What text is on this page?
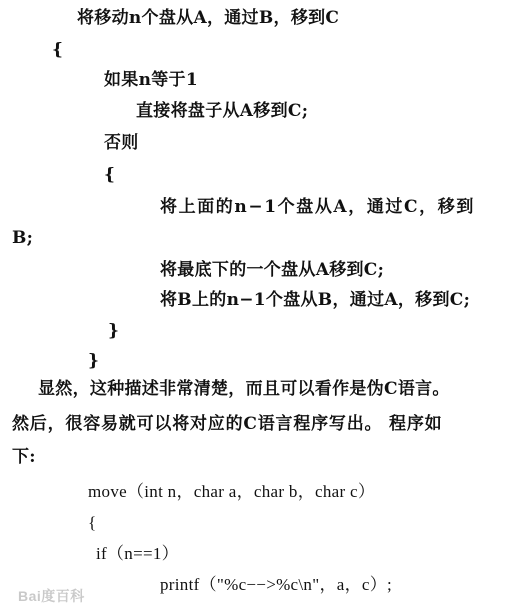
将移动n个盘从A，通过B，移到C
{
如果n等于1
直接将盘子从A移到C;
否则
{
将上面的n−1个盘从A，通过C，移到
B;
将最底下的一个盘从A移到C;
将B上的n−1个盘从B，通过A，移到C;
}
}
显然，这种描述非常清楚，而且可以看作是伪C语言。
然后，很容易就可以将对应的C语言程序写出。 程序如
下:
move（int n，char a，char b，char c）
{
if（n==1）
printf（"%c−−>%c\n"，a，c）;
Bai度百科
